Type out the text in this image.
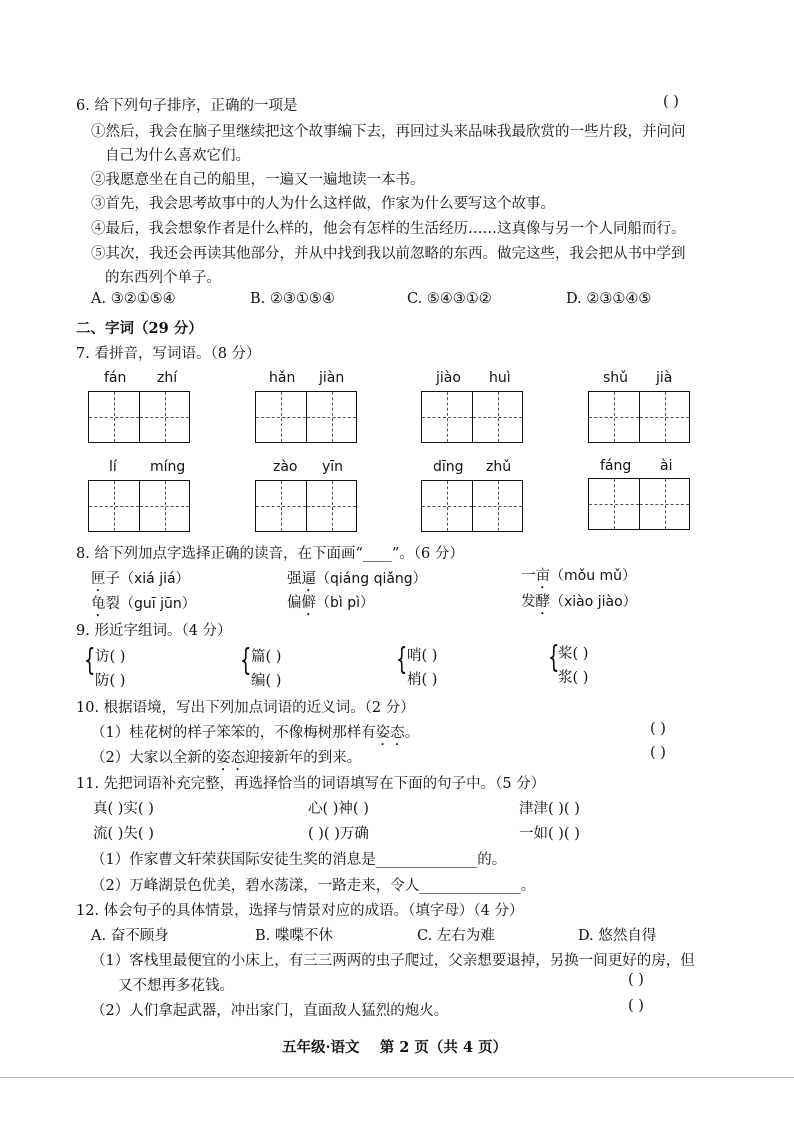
6. 给下列句子排序，正确的一项是	( )
①然后，我会在脑子里继续把这个故事编下去，再回过头来品味我最欣赏的一些片段，并问问
自己为什么喜欢它们。
②我愿意坐在自己的船里，一遍又一遍地读一本书。
③首先，我会思考故事中的人为什么这样做，作家为什么要写这个故事。
④最后，我会想象作者是什么样的，他会有怎样的生活经历……这真像与另一个人同船而行。
⑤其次，我还会再读其他部分，并从中找到我以前忽略的东西。做完这些，我会把从书中学到
的东西列个单子。
A. ③②①⑤④	B. ②③①⑤④	C. ⑤④③①②	D. ②③①④⑤
二、字词（29 分）
7. 看拼音，写词语。（8 分）
fán zhí	hǎn jiàn	jiào huì	shǔ jià
lí míng	zào yīn	dīng zhǔ	fáng ài
8. 给下列加点字选择正确的读音，在下面画“____”。（6 分）
匣子（xiá jiá）	强逼（qiáng qiǎng）	一亩（mǒu mǔ）
龟裂（guī jūn）	偏僻（bì pì）	发酵（xiào jiào）
9. 形近字组词。（4 分）
{ 访( )
防( )
{ 篇( )
编( )
{ 哨( )
梢( )
{
桨( )
浆( )
10. 根据语境，写出下列加点词语的近义词。（2 分）
（1）桂花树的样子笨笨的，不像梅树那样有姿态。	( )
（2）大家以全新的姿态迎接新年的到来。	( )
11. 先把词语补充完整，再选择恰当的词语填写在下面的句子中。（5 分）
真( )实( )	心( )神( )	津津( )( )
流( )失( )	( )( )万确	一如( )( )
（1）作家曹文轩荣获国际安徒生奖的消息是______________的。
（2）万峰湖景色优美，碧水荡漾，一路走来，令人______________。
12. 体会句子的具体情景，选择与情景对应的成语。（填字母）（4 分）
A. 奋不顾身	B. 喋喋不休	C. 左右为难	D. 悠然自得
（1）客栈里最便宜的小床上，有三三两两的虫子爬过，父亲想要退掉，另换一间更好的房，但
又不想再多花钱。	( )
（2）人们拿起武器，冲出家门，直面敌人猛烈的炮火。	( )
五年级·语文    第 2 页（共 4 页）
